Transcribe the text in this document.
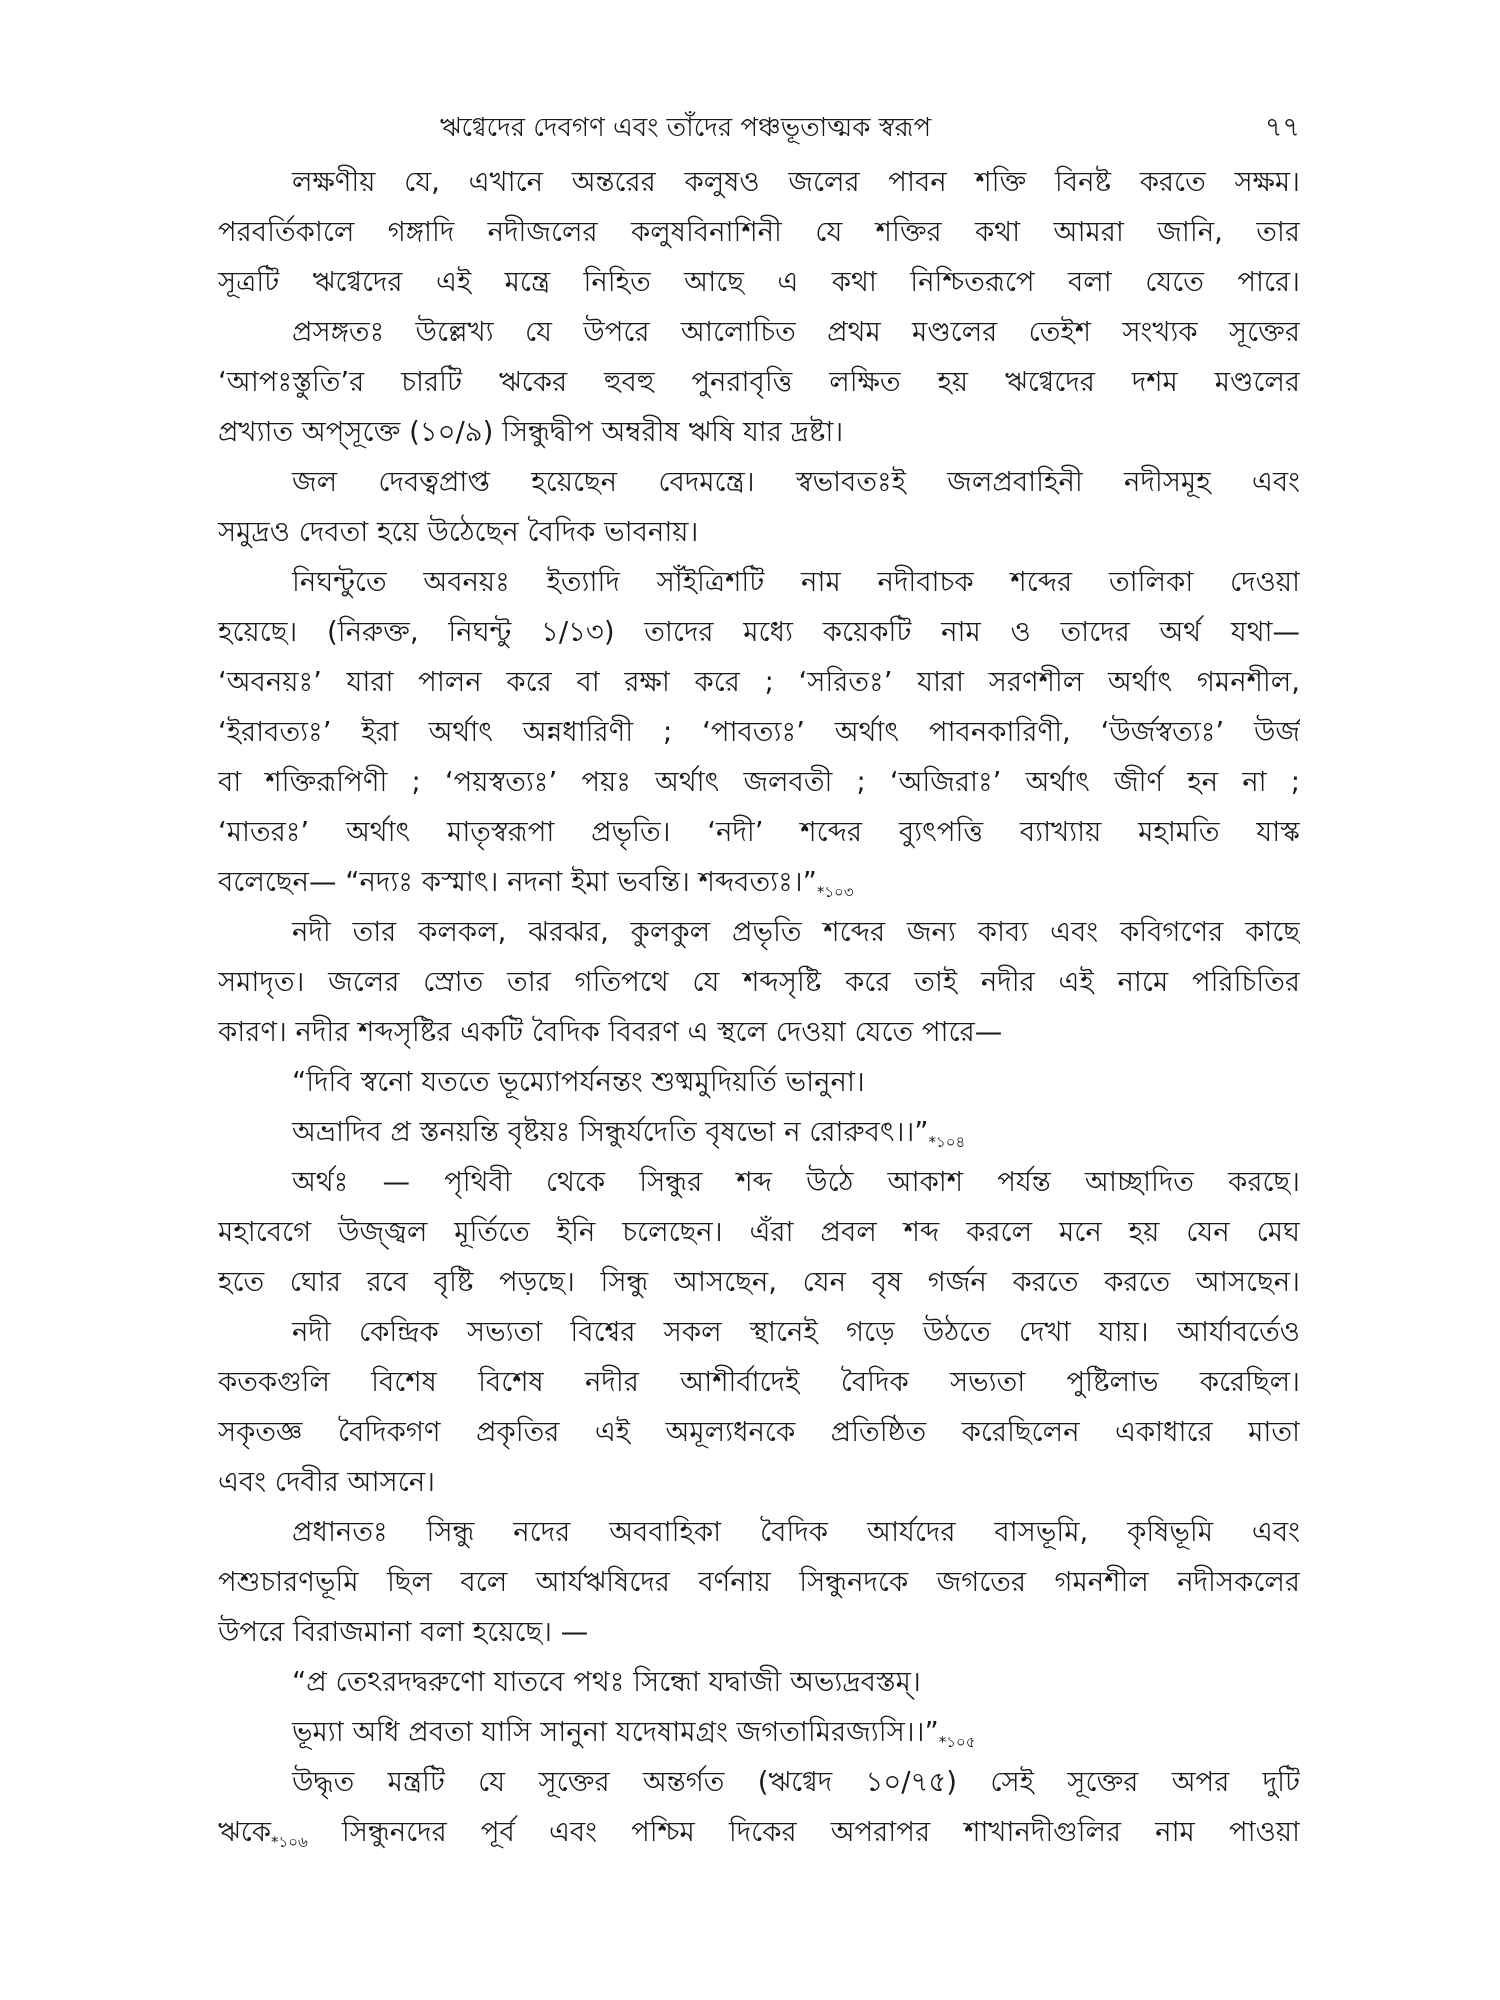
ঋগ্বেদের দেবগণ এবং তাঁদের পঞ্চভূতাত্মক স্বরূপ	৭৭
লক্ষণীয় যে, এখানে অন্তরের কলুষও জলের পাবন শক্তি বিনষ্ট করতে সক্ষম।
পরবর্তিকালে গঙ্গাদি নদীজলের কলুষবিনাশিনী যে শক্তির কথা আমরা জানি, তার
সূত্রটি ঋগ্বেদের এই মন্ত্রে নিহিত আছে এ কথা নিশ্চিতরূপে বলা যেতে পারে।
প্রসঙ্গতঃ উল্লেখ্য যে উপরে আলোচিত প্রথম মণ্ডলের তেইশ সংখ্যক সূক্তের
‘আপঃস্তুতি’র চারটি ঋকের হুবহু পুনরাবৃত্তি লক্ষিত হয় ঋগ্বেদের দশম মণ্ডলের
প্রখ্যাত অপ্‌সূক্তে (১০/৯) সিন্ধুদ্বীপ অম্বরীষ ঋষি যার দ্রষ্টা।
জল দেবত্বপ্রাপ্ত হয়েছেন বেদমন্ত্রে। স্বভাবতঃই জলপ্রবাহিনী নদীসমূহ এবং
সমুদ্রও দেবতা হয়ে উঠেছেন বৈদিক ভাবনায়।
নিঘন্টুতে অবনয়ঃ ইত্যাদি সাঁইত্রিশটি নাম নদীবাচক শব্দের তালিকা দেওয়া
হয়েছে। (নিরুক্ত, নিঘন্টু ১/১৩) তাদের মধ্যে কয়েকটি নাম ও তাদের অর্থ যথা—
‘অবনয়ঃ’ যারা পালন করে বা রক্ষা করে ; ‘সরিতঃ’ যারা সরণশীল অর্থাৎ গমনশীল,
‘ইরাবত্যঃ’ ইরা অর্থাৎ অন্নধারিণী ; ‘পাবত্যঃ’ অর্থাৎ পাবনকারিণী, ‘উর্জস্বত্যঃ’ উর্জ
বা শক্তিরূপিণী ; ‘পয়স্বত্যঃ’ পয়ঃ অর্থাৎ জলবতী ; ‘অজিরাঃ’ অর্থাৎ জীর্ণ হন না ;
‘মাতরঃ’ অর্থাৎ মাতৃস্বরূপা প্রভৃতি। ‘নদী’ শব্দের ব্যুৎপত্তি ব্যাখ্যায় মহামতি যাস্ক
বলেছেন— “নদ্যঃ কস্মাৎ। নদনা ইমা ভবন্তি। $শব্দবত্যঃ।”_{*১০৩}$
নদী তার কলকল, ঝরঝর, কুলকুল প্রভৃতি শব্দের জন্য কাব্য এবং কবিগণের কাছে
সমাদৃত। জলের স্রোত তার গতিপথে যে শব্দসৃষ্টি করে তাই নদীর এই নামে পরিচিতির
কারণ। নদীর শব্দসৃষ্টির একটি বৈদিক বিবরণ এ স্থলে দেওয়া যেতে পারে—
“দিবি স্বনো যততে ভূম্যোপর্যনন্তং শুষ্মমুদিয়র্তি ভানুনা।
অভ্রাদিব প্র স্তনয়ন্তি বৃষ্টয়ঃ সিন্ধুর্যদেতি বৃষভো ন $রোরুবৎ।।”_{*১০৪}$
অর্থঃ — পৃথিবী থেকে সিন্ধুর শব্দ উঠে আকাশ পর্যন্ত আচ্ছাদিত করছে।
মহাবেগে উজ্জ্বল মূর্তিতে ইনি চলেছেন। এঁরা প্রবল শব্দ করলে মনে হয় যেন মেঘ
হতে ঘোর রবে বৃষ্টি পড়ছে। সিন্ধু আসছেন, যেন বৃষ গর্জন করতে করতে আসছেন।
নদী কেন্দ্রিক সভ্যতা বিশ্বের সকল স্থানেই গড়ে উঠতে দেখা যায়। আর্যাবর্তেও
কতকগুলি বিশেষ বিশেষ নদীর আশীর্বাদেই বৈদিক সভ্যতা পুষ্টিলাভ করেছিল।
সকৃতজ্ঞ বৈদিকগণ প্রকৃতির এই অমূল্যধনকে প্রতিষ্ঠিত করেছিলেন একাধারে মাতা
এবং দেবীর আসনে।
প্রধানতঃ সিন্ধু নদের অববাহিকা বৈদিক আর্যদের বাসভূমি, কৃষিভূমি এবং
পশুচারণভূমি ছিল বলে আর্যঋষিদের বর্ণনায় সিন্ধুনদকে জগতের গমনশীল নদীসকলের
উপরে বিরাজমানা বলা হয়েছে। —
“প্র তেঽরদদ্বরুণো যাতবে পথঃ সিন্ধো যদ্বাজী অভ্যদ্রবস্তম্‌।
ভূম্যা অধি প্রবতা যাসি সানুনা যদেষামগ্রং $জগতামিরজ্যসি।।”_{*১০৫}$
উদ্ধৃত মন্ত্রটি যে সূক্তের অন্তর্গত (ঋগ্বেদ ১০/৭৫) সেই সূক্তের অপর দুটি
$ঋকে_{*১০৬}$ সিন্ধুনদের পূর্ব এবং পশ্চিম দিকের অপরাপর শাখানদীগুলির নাম পাওয়া
